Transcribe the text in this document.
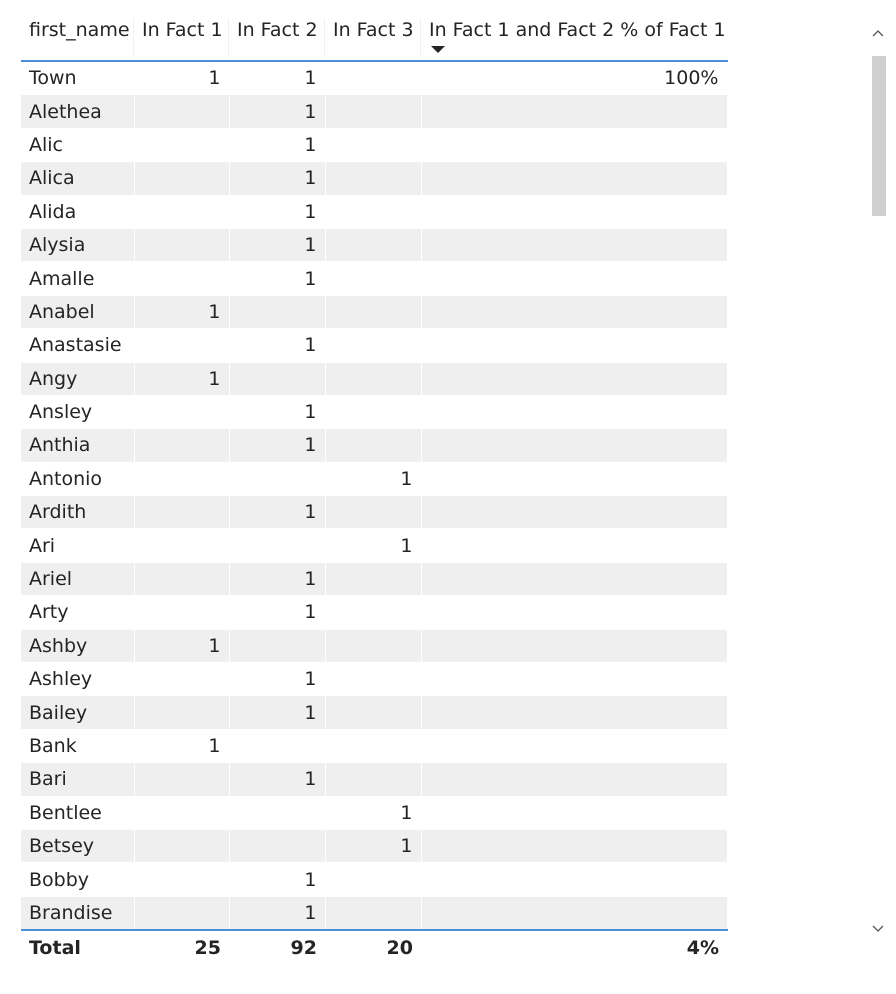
first_name	In Fact 1	In Fact 2	In Fact 3	In Fact 1 and Fact 2 % of Fact 1

Town	1	1		100%
Alethea		1		
Alic		1		
Alica		1		
Alida		1		
Alysia		1		
Amalle		1		
Anabel	1			
Anastasie		1		
Angy	1			
Ansley		1		
Anthia		1		
Antonio			1	
Ardith		1		
Ari			1	
Ariel		1		
Arty		1		
Ashby	1			
Ashley		1		
Bailey		1		
Bank	1			
Bari		1		
Bentlee			1	
Betsey			1	
Bobby		1		
Brandise		1		
Total	25	92	20	4%
